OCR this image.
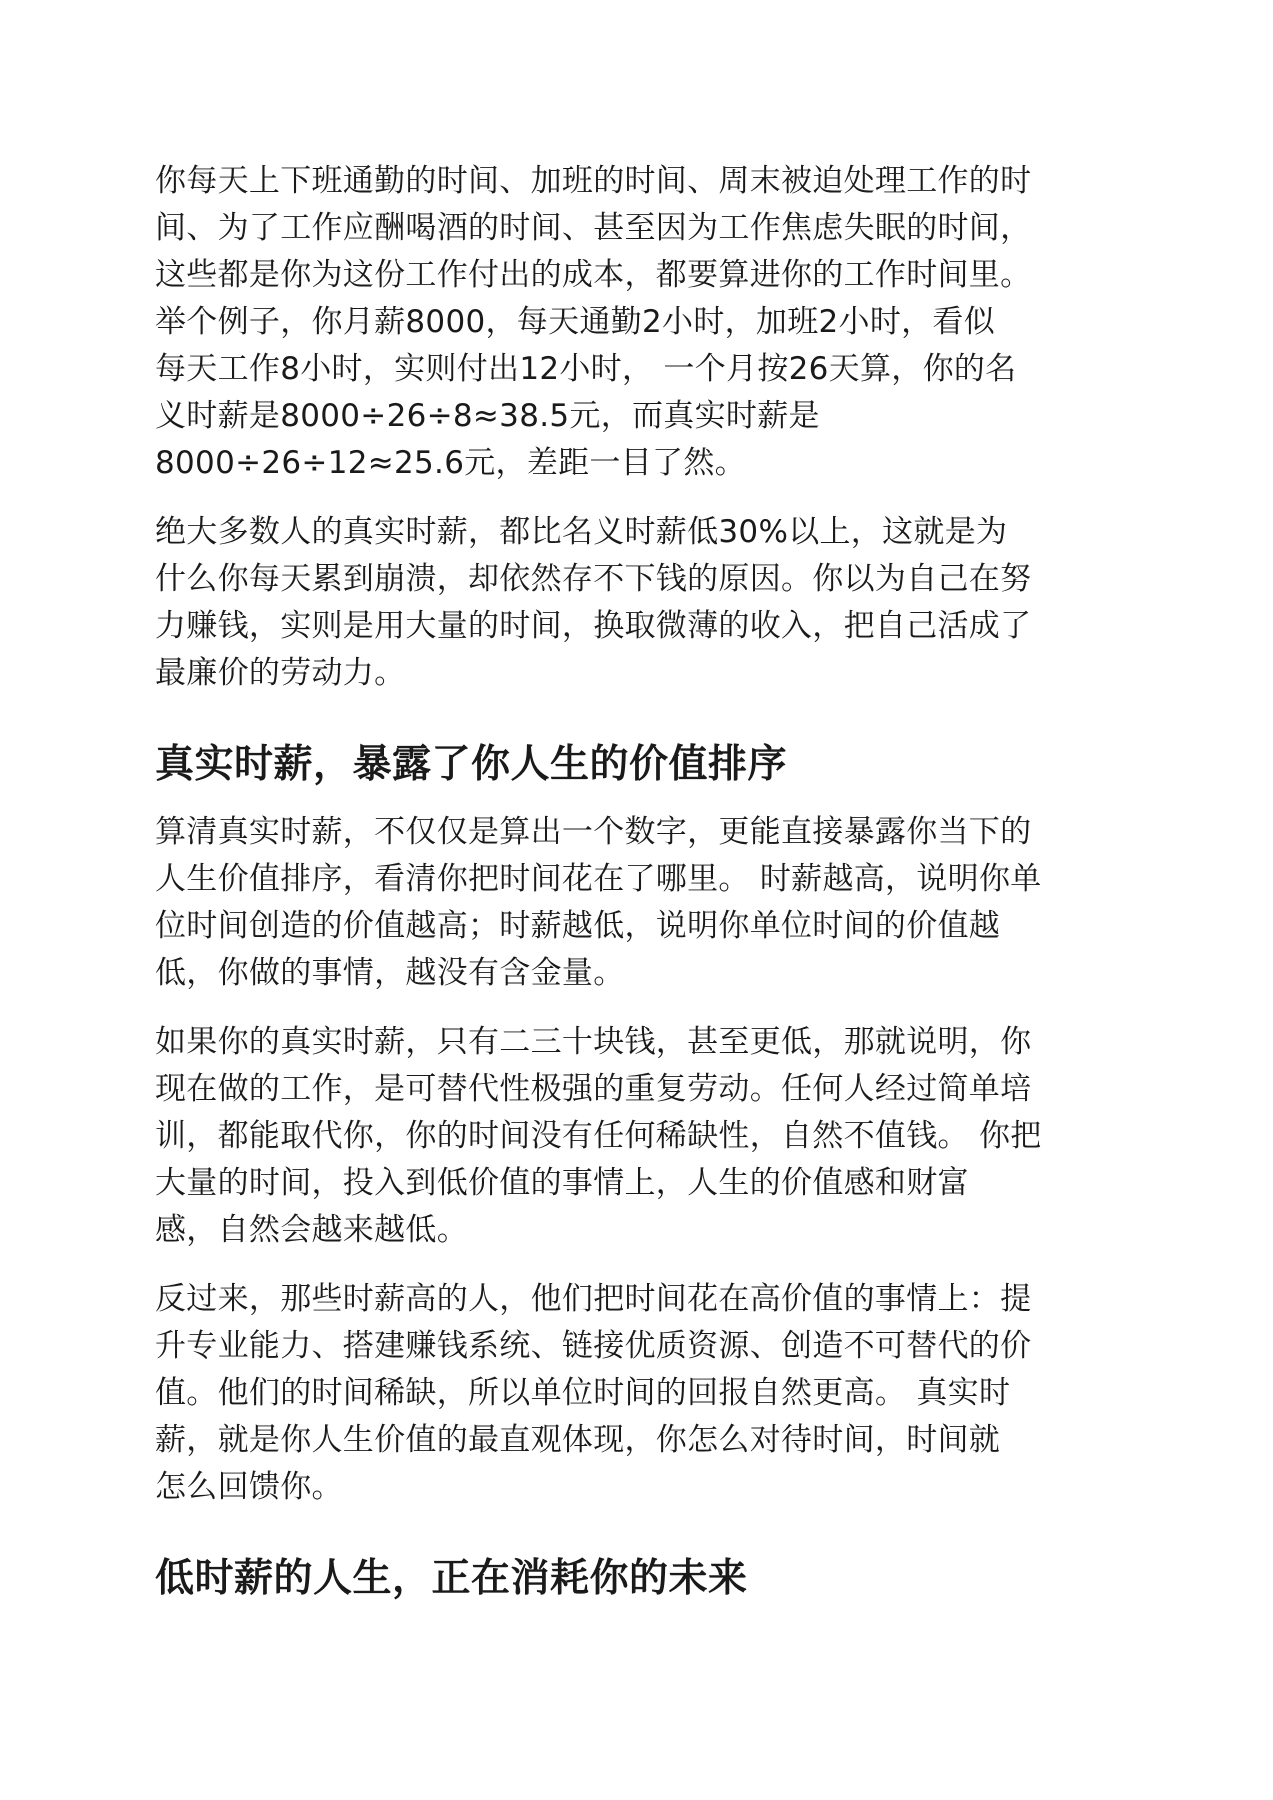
你每天上下班通勤的时间、加班的时间、周末被迫处理工作的时
间、为了工作应酬喝酒的时间、甚至因为工作焦虑失眠的时间，
这些都是你为这份工作付出的成本，都要算进你的工作时间里。
举个例子，你月薪8000，每天通勤2小时，加班2小时，看似
每天工作8小时，实则付出12小时， 一个月按26天算，你的名
义时薪是8000÷26÷8≈38.5元，而真实时薪是
8000÷26÷12≈25.6元，差距一目了然。

绝大多数人的真实时薪，都比名义时薪低30%以上，这就是为
什么你每天累到崩溃，却依然存不下钱的原因。你以为自己在努
力赚钱，实则是用大量的时间，换取微薄的收入，把自己活成了
最廉价的劳动力。

真实时薪，暴露了你人生的价值排序

算清真实时薪，不仅仅是算出一个数字，更能直接暴露你当下的
人生价值排序，看清你把时间花在了哪里。 时薪越高，说明你单
位时间创造的价值越高；时薪越低，说明你单位时间的价值越
低，你做的事情，越没有含金量。

如果你的真实时薪，只有二三十块钱，甚至更低，那就说明，你
现在做的工作，是可替代性极强的重复劳动。任何人经过简单培
训，都能取代你，你的时间没有任何稀缺性，自然不值钱。 你把
大量的时间，投入到低价值的事情上，人生的价值感和财富
感，自然会越来越低。

反过来，那些时薪高的人，他们把时间花在高价值的事情上：提
升专业能力、搭建赚钱系统、链接优质资源、创造不可替代的价
值。他们的时间稀缺，所以单位时间的回报自然更高。 真实时
薪，就是你人生价值的最直观体现，你怎么对待时间，时间就
怎么回馈你。

低时薪的人生，正在消耗你的未来
